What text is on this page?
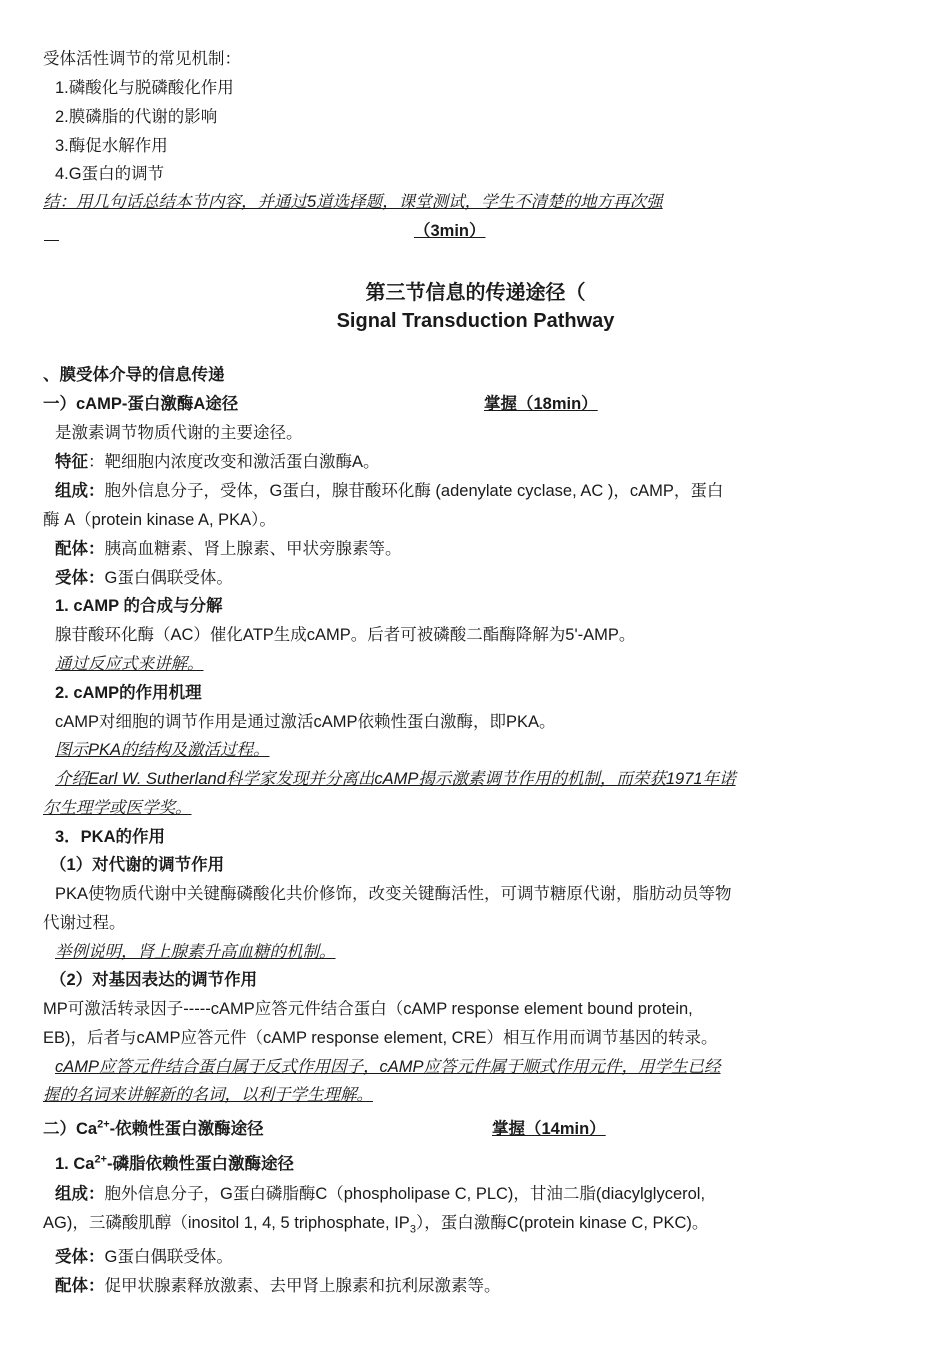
受体活性调节的常见机制：
1.磷酸化与脱磷酸化作用
2.膜磷脂的代谢的影响
3.酶促水解作用
4.G蛋白的调节
结：用几句话总结本节内容，并通过5道选择题，课堂测试，学生不清楚的地方再次强
（3min）
第三节信息的传递途径（
Signal Transduction Pathway
、膜受体介导的信息传递
一）cAMP-蛋白激酶A途径	掌握（18min）
是激素调节物质代谢的主要途径。
特征：靶细胞内浓度改变和激活蛋白激酶A。
组成：胞外信息分子，受体，G蛋白，腺苷酸环化酶 (adenylate cyclase, AC )，cAMP，蛋白
酶 A（protein kinase A, PKA）。
配体：胰高血糖素、肾上腺素、甲状旁腺素等。
受体：G蛋白偶联受体。
1. cAMP 的合成与分解
腺苷酸环化酶（AC）催化ATP生成cAMP。后者可被磷酸二酯酶降解为5'-AMP。
通过反应式来讲解。
2. cAMP的作用机理
cAMP对细胞的调节作用是通过激活cAMP依赖性蛋白激酶，即PKA。
图示PKA的结构及激活过程。
介绍Earl W. Sutherland科学家发现并分离出cAMP揭示激素调节作用的机制，而荣获1971年诺
尔生理学或医学奖。
3．PKA的作用
（1）对代谢的调节作用
PKA使物质代谢中关键酶磷酸化共价修饰，改变关键酶活性，可调节糖原代谢，脂肪动员等物
代谢过程。
举例说明，肾上腺素升高血糖的机制。
（2）对基因表达的调节作用
MP可激活转录因子-----cAMP应答元件结合蛋白（cAMP response element bound protein,
EB)，后者与cAMP应答元件（cAMP response element, CRE）相互作用而调节基因的转录。
cAMP应答元件结合蛋白属于反式作用因子，cAMP应答元件属于顺式作用元件，用学生已经
握的名词来讲解新的名词，以利于学生理解。
二）$Ca^{2+}-$依赖性蛋白激酶途径	掌握（14min）
1. $Ca^{2+}-$磷脂依赖性蛋白激酶途径
组成：胞外信息分子，G蛋白磷脂酶C（phospholipase C, PLC)，甘油二脂(diacylglycerol,
AG)，三磷酸肌醇（inositol 1, 4, 5 triphosphate, $IP_3$），蛋白激酶C(protein kinase C, PKC)。
受体：G蛋白偶联受体。
配体：促甲状腺素释放激素、去甲肾上腺素和抗利尿激素等。
